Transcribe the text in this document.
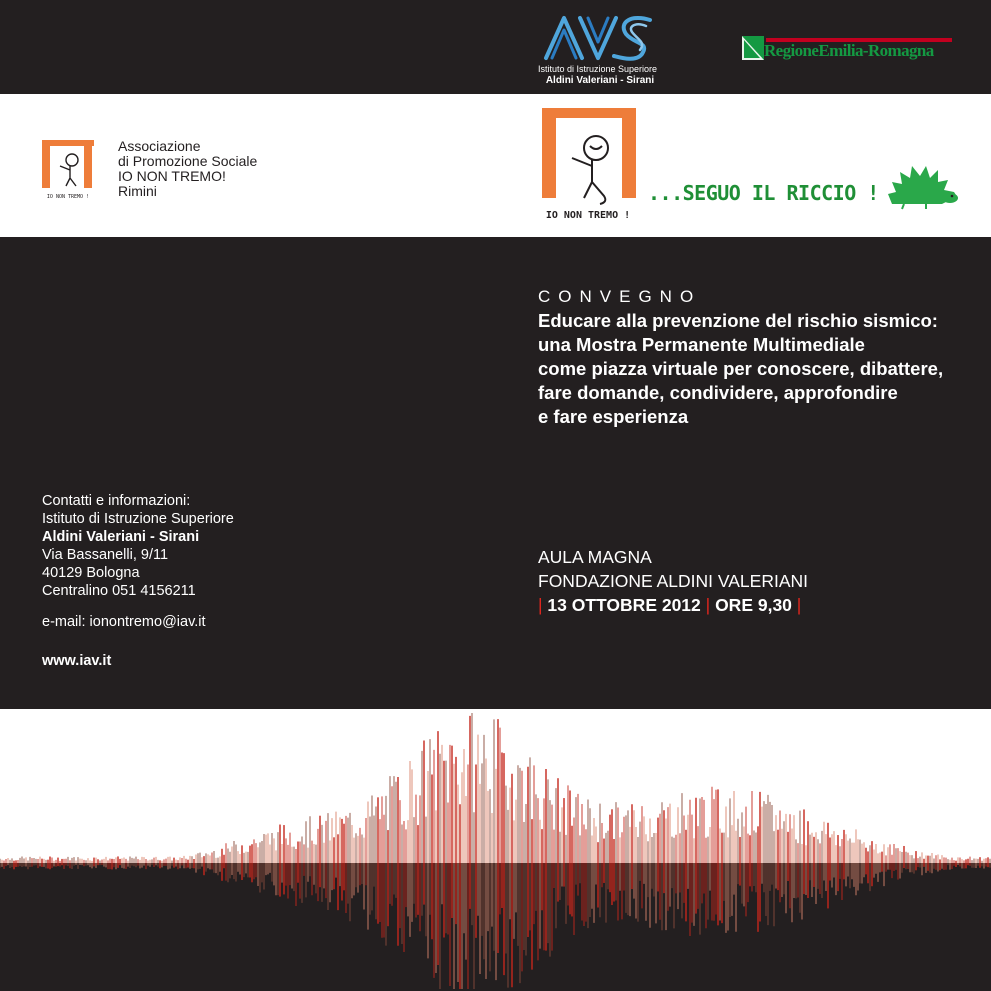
Istituto di Istruzione Superiore
Aldini Valeriani - Sirani
RegioneEmilia-Romagna
IO NON TREMO !
Associazione
di Promozione Sociale
IO NON TREMO!
Rimini
IO NON TREMO !
...SEGUO IL RICCIO !
CONVEGNO
Educare alla prevenzione del rischio sismico:
una Mostra Permanente Multimediale
come piazza virtuale per conoscere, dibattere,
fare domande, condividere, approfondire
e fare esperienza
AULA MAGNA
FONDAZIONE ALDINI VALERIANI
| 13 OTTOBRE 2012 | ORE 9,30 |
Contatti e informazioni:
Istituto di Istruzione Superiore
Aldini Valeriani - Sirani
Via Bassanelli, 9/11
40129 Bologna
Centralino 051 4156211
e-mail: ionontremo@iav.it
www.iav.it
